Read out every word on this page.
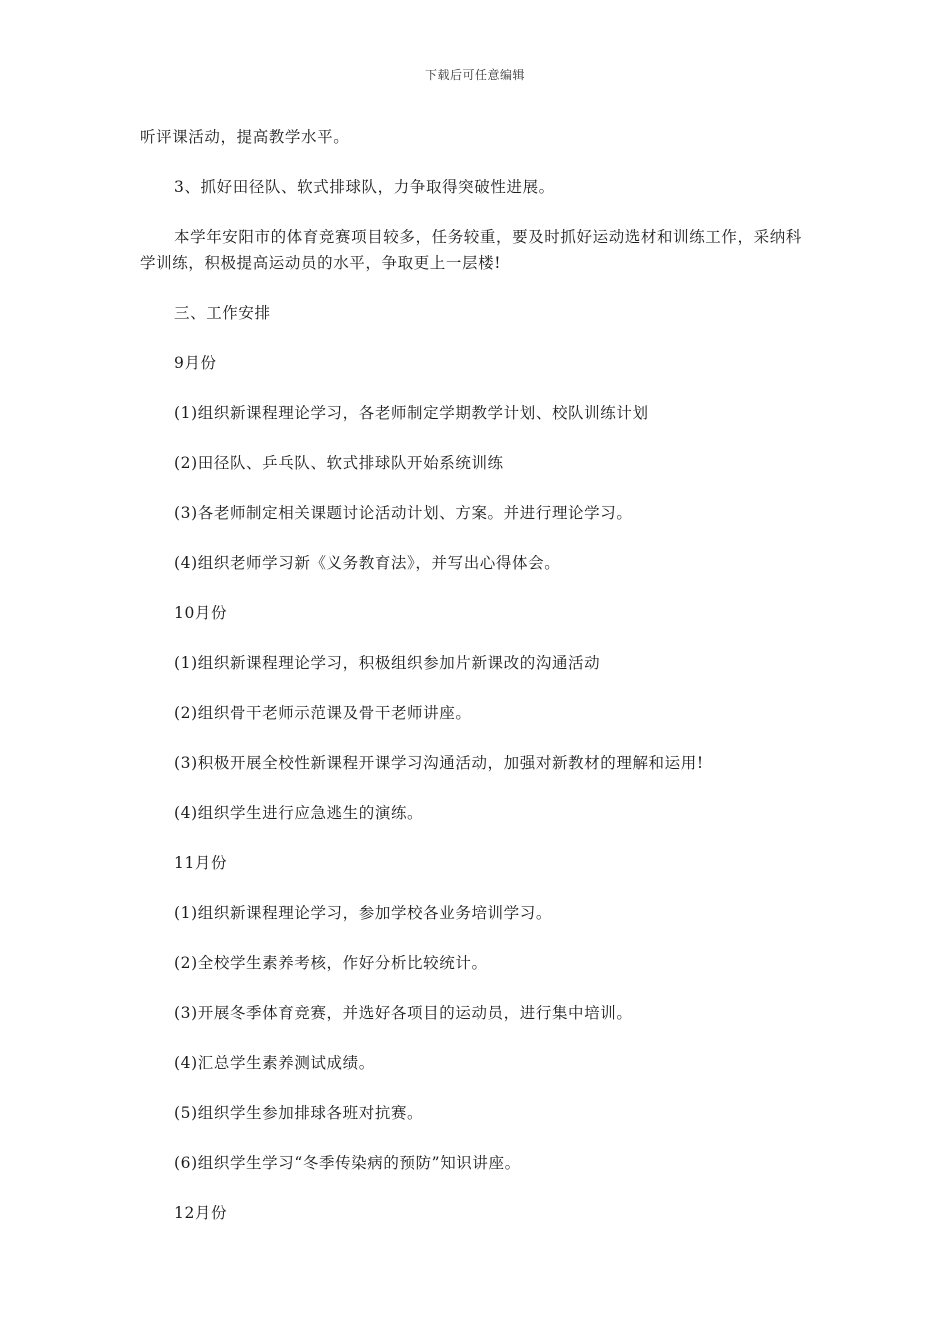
下载后可任意编辑

听评课活动，提高教学水平。

3、抓好田径队、软式排球队，力争取得突破性进展。

本学年安阳市的体育竞赛项目较多，任务较重，要及时抓好运动选材和训练工作，采纳科学训练，积极提高运动员的水平，争取更上一层楼!

三、工作安排

9月份

(1)组织新课程理论学习，各老师制定学期教学计划、校队训练计划

(2)田径队、乒乓队、软式排球队开始系统训练

(3)各老师制定相关课题讨论活动计划、方案。并进行理论学习。

(4)组织老师学习新《义务教育法》，并写出心得体会。

10月份

(1)组织新课程理论学习，积极组织参加片新课改的沟通活动

(2)组织骨干老师示范课及骨干老师讲座。

(3)积极开展全校性新课程开课学习沟通活动，加强对新教材的理解和运用!

(4)组织学生进行应急逃生的演练。

11月份

(1)组织新课程理论学习，参加学校各业务培训学习。

(2)全校学生素养考核，作好分析比较统计。

(3)开展冬季体育竞赛，并选好各项目的运动员，进行集中培训。

(4)汇总学生素养测试成绩。

(5)组织学生参加排球各班对抗赛。

(6)组织学生学习“冬季传染病的预防”知识讲座。

12月份
